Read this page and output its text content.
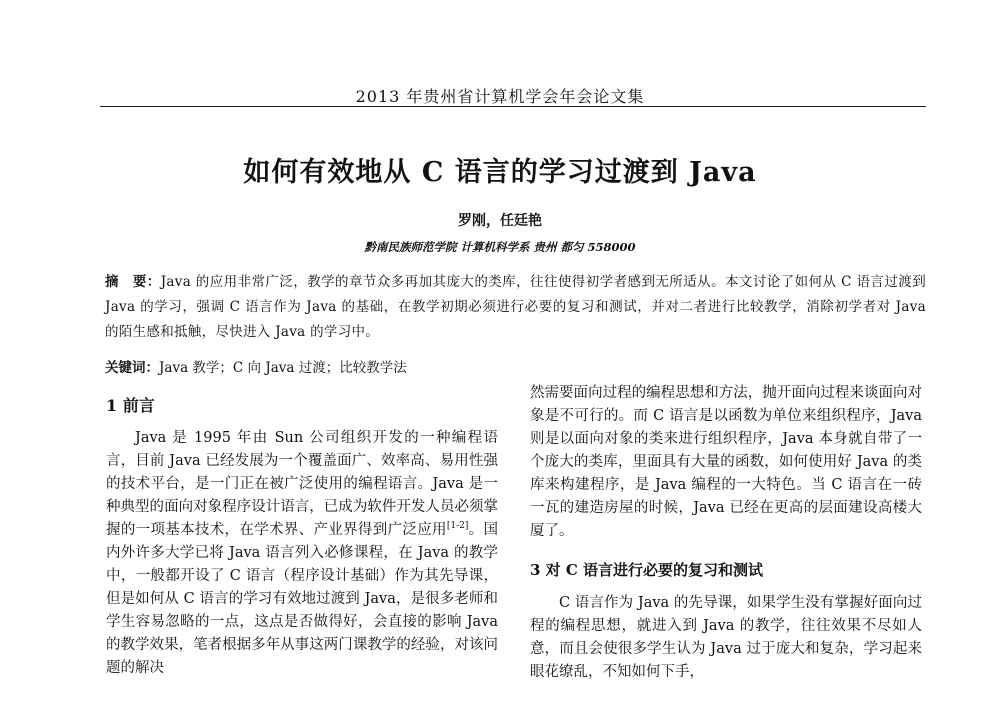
2013 年贵州省计算机学会年会论文集
如何有效地从 C 语言的学习过渡到 Java
罗刚，任廷艳
黔南民族师范学院 计算机科学系 贵州 都匀 558000
摘　要：Java 的应用非常广泛，教学的章节众多再加其庞大的类库，往往使得初学者感到无所适从。本文讨论了如何从 C 语言过渡到 Java 的学习，强调 C 语言作为 Java 的基础，在教学初期必须进行必要的复习和测试，并对二者进行比较教学，消除初学者对 Java 的陌生感和抵触，尽快进入 Java 的学习中。
关键词：Java 教学；C 向 Java 过渡；比较教学法
1 前言

Java 是 1995 年由 Sun 公司组织开发的一种编程语言，目前 Java 已经发展为一个覆盖面广、效率高、易用性强的技术平台，是一门正在被广泛使用的编程语言。Java 是一种典型的面向对象程序设计语言，已成为软件开发人员必须掌握的一项基本技术，在学术界、产业界得到广泛应用[1-2]。国内外许多大学已将 Java 语言列入必修课程，在 Java 的教学中，一般都开设了 C 语言（程序设计基础）作为其先导课，但是如何从 C 语言的学习有效地过渡到 Java，是很多老师和学生容易忽略的一点，这点是否做得好，会直接的影响 Java 的教学效果，笔者根据多年从事这两门课教学的经验，对该问题的解决

然需要面向过程的编程思想和方法，抛开面向过程来谈面向对象是不可行的。而 C 语言是以函数为单位来组织程序，Java 则是以面向对象的类来进行组织程序，Java 本身就自带了一个庞大的类库，里面具有大量的函数，如何使用好 Java 的类库来构建程序，是 Java 编程的一大特色。当 C 语言在一砖一瓦的建造房屋的时候，Java 已经在更高的层面建设高楼大厦了。

3 对 C 语言进行必要的复习和测试

C 语言作为 Java 的先导课，如果学生没有掌握好面向过程的编程思想，就进入到 Java 的教学，往往效果不尽如人意，而且会使很多学生认为 Java 过于庞大和复杂，学习起来眼花缭乱，不知如何下手，
